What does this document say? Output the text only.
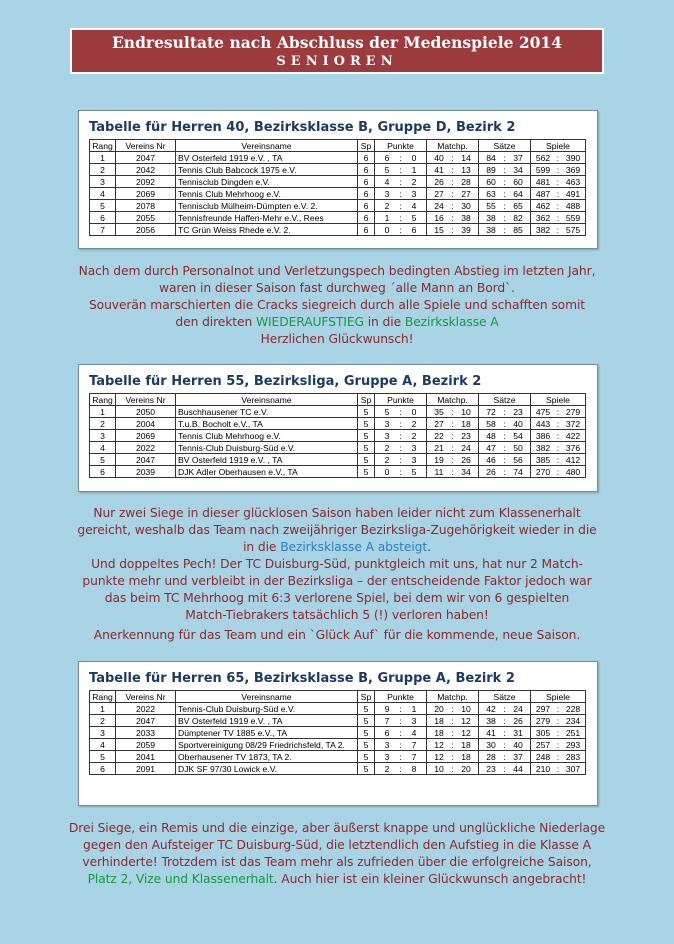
Endresultate nach Abschluss der Medenspiele 2014
SENIOREN
Tabelle für Herren 40, Bezirksklasse B, Gruppe D, Bezirk 2
Rang	Vereins Nr	Vereinsname	Sp	Punkte	Matchp.	Sätze	Spiele
1	2047	BV Osterfeld 1919 e.V. , TA	6	6 : 0	40 : 14	84 : 37	562 : 390

2	2042	Tennis Club Babcock 1975 e.V.	6	5 : 1	41 : 13	89 : 34	599 : 369

3	2092	Tennisclub Dingden e.V.	6	4 : 2	26 : 28	60 : 60	481 : 463

4	2069	Tennis Club Mehrhoog e.V.	6	3 : 3	27 : 27	63 : 64	487 : 491

5	2078	Tennisclub Mülheim-Dümpten e.V. 2.	6	2 : 4	24 : 30	55 : 65	462 : 488

6	2055	Tennisfreunde Haffen-Mehr e.V., Rees	6	1 : 5	16 : 38	38 : 82	362 : 559

7	2056	TC Grün Weiss Rhede e.V. 2.	6	0 : 6	15 : 39	38 : 85	382 : 575

Nach dem durch Personalnot und Verletzungspech bedingten Abstieg im letzten Jahr,

waren in dieser Saison fast durchweg ´alle Mann an Bord`.

Souverän marschierten die Cracks siegreich durch alle Spiele und schafften somit

den direkten WIEDERAUFSTIEG in die Bezirksklasse A

Herzlichen Glückwunsch!

Tabelle für Herren 55, Bezirksliga, Gruppe A, Bezirk 2
Rang	Vereins Nr	Vereinsname	Sp	Punkte	Matchp.	Sätze	Spiele
1	2050	Buschhausener TC e.V.	5	5 : 0	35 : 10	72 : 23	475 : 279

2	2004	T.u.B. Bocholt e.V., TA	5	3 : 2	27 : 18	58 : 40	443 : 372

3	2069	Tennis Club Mehrhoog e.V.	5	3 : 2	22 : 23	48 : 54	386 : 422

4	2022	Tennis-Club Duisburg-Süd e.V.	5	2 : 3	21 : 24	47 : 50	382 : 376

5	2047	BV Osterfeld 1919 e.V. , TA	5	2 : 3	19 : 26	46 : 56	385 : 412

6	2039	DJK Adler Oberhausen e.V., TA	5	0 : 5	11 : 34	26 : 74	270 : 480

Nur zwei Siege in dieser glücklosen Saison haben leider nicht zum Klassenerhalt

gereicht, weshalb das Team nach zweijähriger Bezirksliga-Zugehörigkeit wieder in die

in die Bezirksklasse A absteigt.

Und doppeltes Pech! Der TC Duisburg-Süd, punktgleich mit uns, hat nur 2 Match-

punkte mehr und verbleibt in der Bezirksliga – der entscheidende Faktor jedoch war

das beim TC Mehrhoog mit 6:3 verlorene Spiel, bei dem wir von 6 gespielten

Match-Tiebrakers tatsächlich 5 (!) verloren haben!

Anerkennung für das Team und ein `Glück Auf` für die kommende, neue Saison.

Tabelle für Herren 65, Bezirksklasse B, Gruppe A, Bezirk 2
Rang	Vereins Nr	Vereinsname	Sp	Punkte	Matchp.	Sätze	Spiele
1	2022	Tennis-Club Duisburg-Süd e.V.	5	9 : 1	20 : 10	42 : 24	297 : 228

2	2047	BV Osterfeld 1919 e.V. , TA	5	7 : 3	18 : 12	38 : 26	279 : 234

3	2033	Dümptener TV 1885 e.V., TA	5	6 : 4	18 : 12	41 : 31	305 : 251

4	2059	Sportvereinigung 08/29 Friedrichsfeld, TA 2.	5	3 : 7	12 : 18	30 : 40	257 : 293

5	2041	Oberhausener TV 1873, TA 2.	5	3 : 7	12 : 18	28 : 37	248 : 283

6	2091	DJK SF 97/30 Lowick e.V.	5	2 : 8	10 : 20	23 : 44	210 : 307

Drei Siege, ein Remis und die einzige, aber äußerst knappe und unglückliche Niederlage

gegen den Aufsteiger TC Duisburg-Süd, die letztendlich den Aufstieg in die Klasse A

verhinderte! Trotzdem ist das Team mehr als zufrieden über die erfolgreiche Saison,

Platz 2, Vize und Klassenerhalt. Auch hier ist ein kleiner Glückwunsch angebracht!
